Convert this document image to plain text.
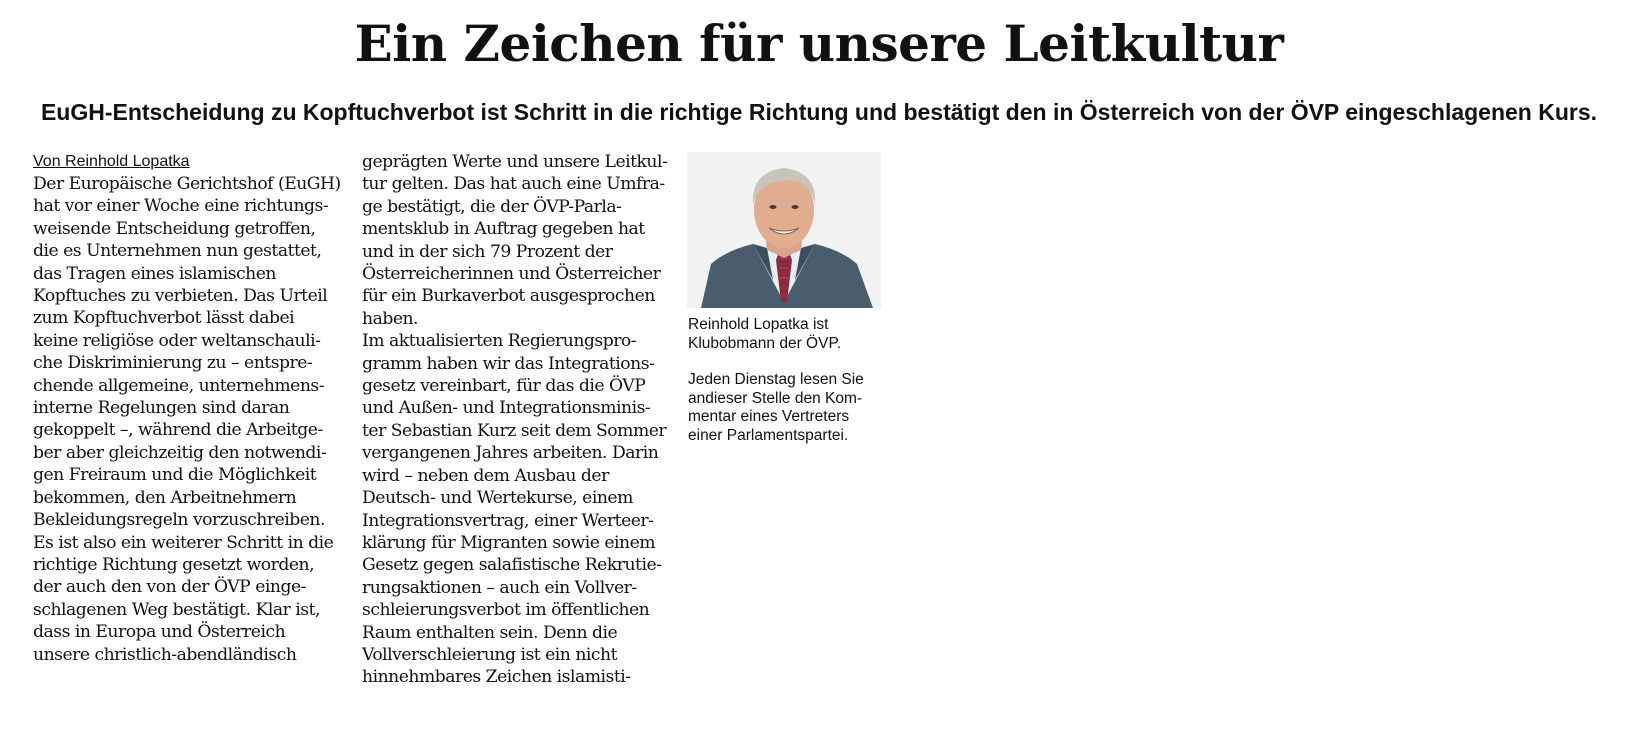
Ein Zeichen für unsere Leitkultur
EuGH-Entscheidung zu Kopftuchverbot ist Schritt in die richtige Richtung und bestätigt den in Österreich von der ÖVP eingeschlagenen Kurs.

Von Reinhold Lopatka

Der Europäische Gerichtshof (EuGH)

hat vor einer Woche eine richtungs-

weisende Entscheidung getroffen,

die es Unternehmen nun gestattet,

das Tragen eines islamischen

Kopftuches zu verbieten. Das Urteil

zum Kopftuchverbot lässt dabei

keine religiöse oder weltanschauli-

che Diskriminierung zu – entspre-

chende allgemeine, unternehmens-

interne Regelungen sind daran

gekoppelt –, während die Arbeitge-

ber aber gleichzeitig den notwendi-

gen Freiraum und die Möglichkeit

bekommen, den Arbeitnehmern

Bekleidungsregeln vorzuschreiben.

Es ist also ein weiterer Schritt in die

richtige Richtung gesetzt worden,

der auch den von der ÖVP einge-

schlagenen Weg bestätigt. Klar ist,

dass in Europa und Österreich

unsere christlich-abendländisch

geprägten Werte und unsere Leitkul-

tur gelten. Das hat auch eine Umfra-

ge bestätigt, die der ÖVP-Parla-

mentsklub in Auftrag gegeben hat

und in der sich 79 Prozent der

Österreicherinnen und Österreicher

für ein Burkaverbot ausgesprochen

haben.

Im aktualisierten Regierungspro-

gramm haben wir das Integrations-

gesetz vereinbart, für das die ÖVP

und Außen- und Integrationsminis-

ter Sebastian Kurz seit dem Sommer

vergangenen Jahres arbeiten. Darin

wird – neben dem Ausbau der

Deutsch- und Wertekurse, einem

Integrationsvertrag, einer Werteer-

klärung für Migranten sowie einem

Gesetz gegen salafistische Rekrutie-

rungsaktionen – auch ein Vollver-

schleierungsverbot im öffentlichen

Raum enthalten sein. Denn die

Vollverschleierung ist ein nicht

hinnehmbares Zeichen islamisti-

Reinhold Lopatka ist

Klubobmann der ÖVP.

Jeden Dienstag lesen Sie

andieser Stelle den Kom-

mentar eines Vertreters

einer Parlamentspartei.
